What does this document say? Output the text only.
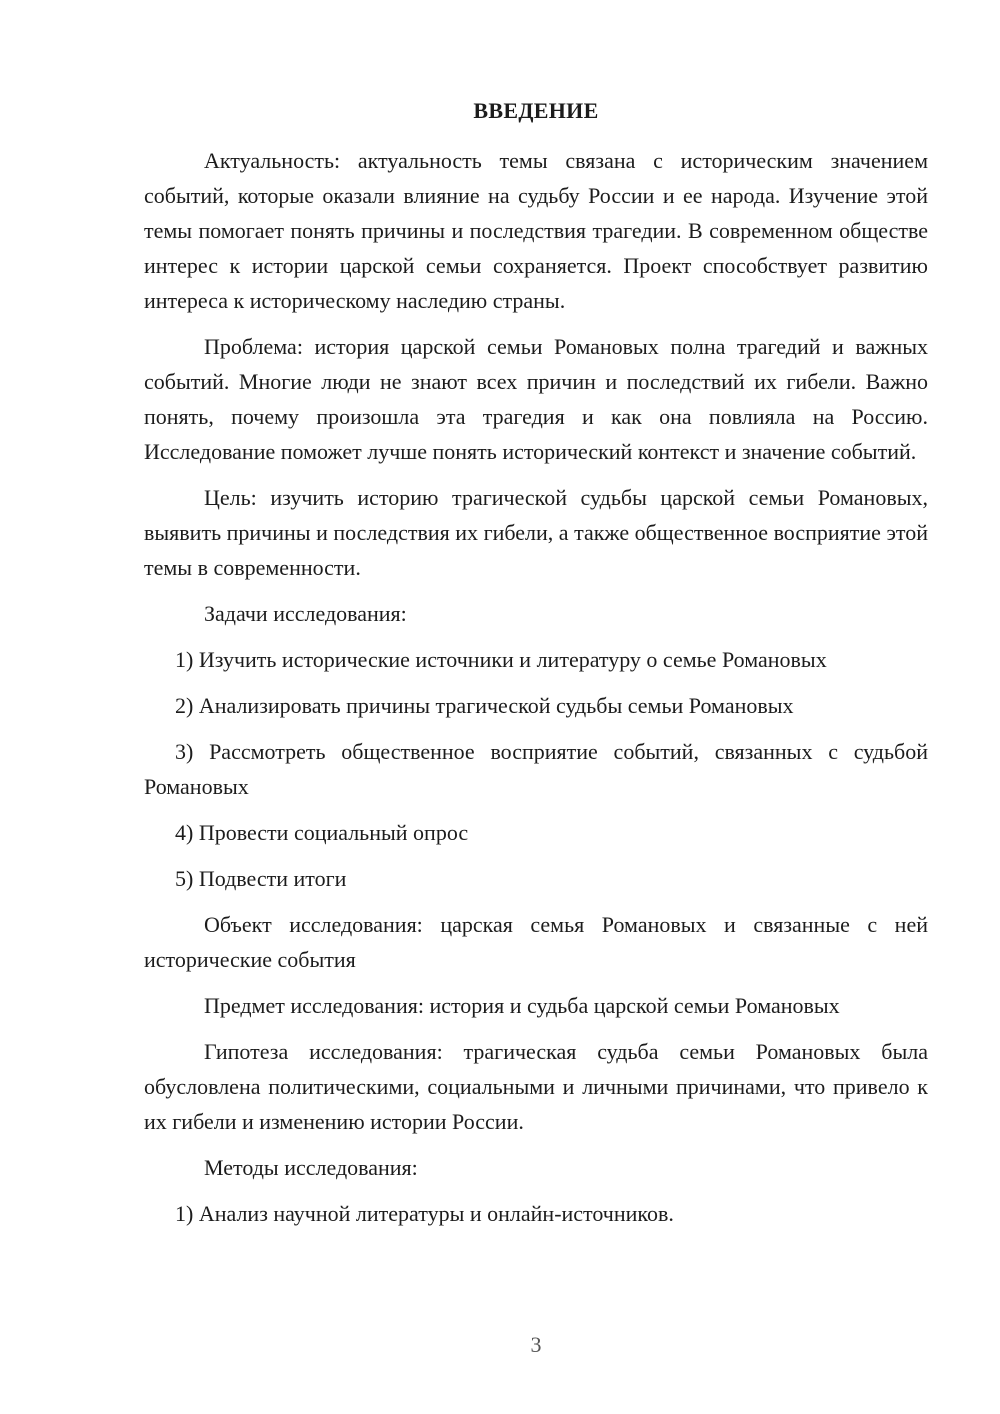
ВВЕДЕНИЕ

Актуальность: актуальность темы связана с историческим значением событий, которые оказали влияние на судьбу России и ее народа. Изучение этой темы помогает понять причины и последствия трагедии. В современном обществе интерес к истории царской семьи сохраняется. Проект способствует развитию интереса к историческому наследию страны.

Проблема: история царской семьи Романовых полна трагедий и важных событий. Многие люди не знают всех причин и последствий их гибели. Важно понять, почему произошла эта трагедия и как она повлияла на Россию. Исследование поможет лучше понять исторический контекст и значение событий.

Цель: изучить историю трагической судьбы царской семьи Романовых, выявить причины и последствия их гибели, а также общественное восприятие этой темы в современности.

Задачи исследования:

1) Изучить исторические источники и литературу о семье Романовых

2) Анализировать причины трагической судьбы семьи Романовых

3) Рассмотреть общественное восприятие событий, связанных с судьбой Романовых

4) Провести социальный опрос

5) Подвести итоги

Объект исследования: царская семья Романовых и связанные с ней исторические события

Предмет исследования: история и судьба царской семьи Романовых

Гипотеза исследования: трагическая судьба семьи Романовых была обусловлена политическими, социальными и личными причинами, что привело к их гибели и изменению истории России.

Методы исследования:

1) Анализ научной литературы и онлайн-источников.

3
